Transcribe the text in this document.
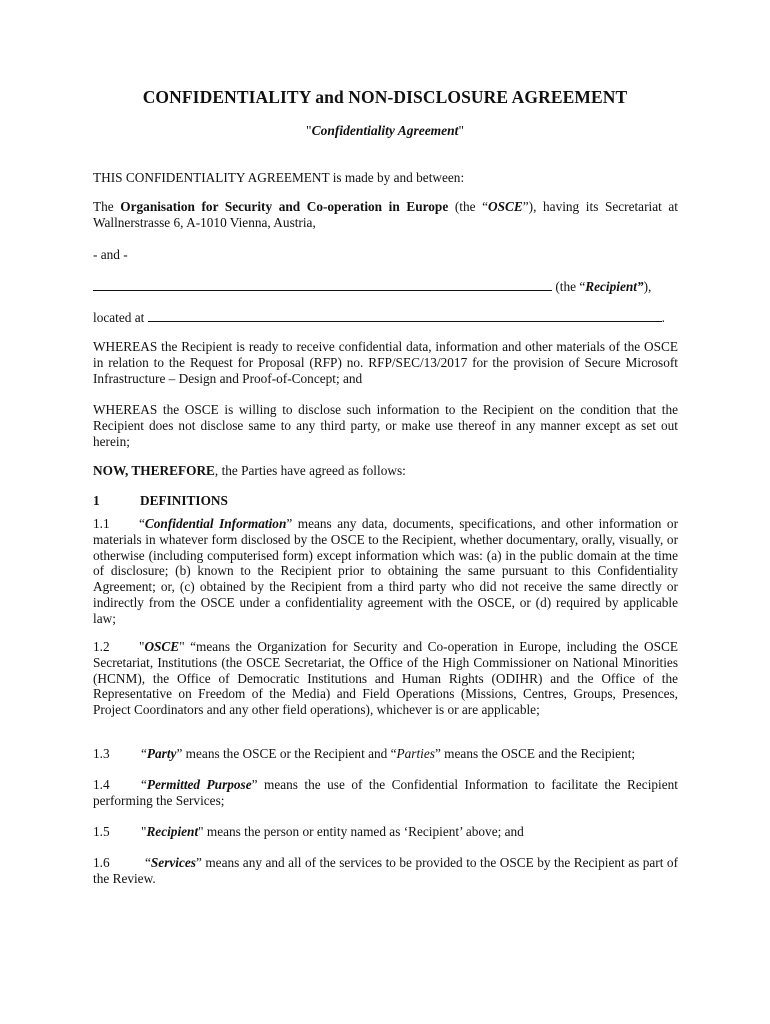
CONFIDENTIALITY and NON-DISCLOSURE AGREEMENT
"Confidentiality Agreement"
THIS CONFIDENTIALITY AGREEMENT is made by and between:
The Organisation for Security and Co-operation in Europe (the “OSCE”), having its Secretariat at Wallnerstrasse 6, A-1010 Vienna, Austria,
- and -
(the “Recipient”),
located at	.
WHEREAS the Recipient is ready to receive confidential data, information and other materials of the OSCE in relation to the Request for Proposal (RFP) no. RFP/SEC/13/2017 for the provision of Secure Microsoft Infrastructure – Design and Proof-of-Concept; and
WHEREAS the OSCE is willing to disclose such information to the Recipient on the condition that the Recipient does not disclose same to any third party, or make use thereof in any manner except as set out herein;
NOW, THEREFORE, the Parties have agreed as follows:
1	DEFINITIONS
1.1 “Confidential Information” means any data, documents, specifications, and other information or materials in whatever form disclosed by the OSCE to the Recipient, whether documentary, orally, visually, or otherwise (including computerised form) except information which was: (a) in the public domain at the time of disclosure; (b) known to the Recipient prior to obtaining the same pursuant to this Confidentiality Agreement; or, (c) obtained by the Recipient from a third party who did not receive the same directly or indirectly from the OSCE under a confidentiality agreement with the OSCE, or (d) required by applicable law;
1.2 "OSCE" “means the Organization for Security and Co-operation in Europe, including the OSCE Secretariat, Institutions (the OSCE Secretariat, the Office of the High Commissioner on National Minorities (HCNM), the Office of Democratic Institutions and Human Rights (ODIHR) and the Office of the Representative on Freedom of the Media) and Field Operations (Missions, Centres, Groups, Presences, Project Coordinators and any other field operations), whichever is or are applicable;
1.3 “Party” means the OSCE or the Recipient and “Parties” means the OSCE and the Recipient;
1.4 “Permitted Purpose” means the use of the Confidential Information to facilitate the Recipient performing the Services;
1.5 "Recipient" means the person or entity named as ‘Recipient’ above; and
1.6	“Services” means any and all of the services to be provided to the OSCE by the Recipient as part of the Review.
